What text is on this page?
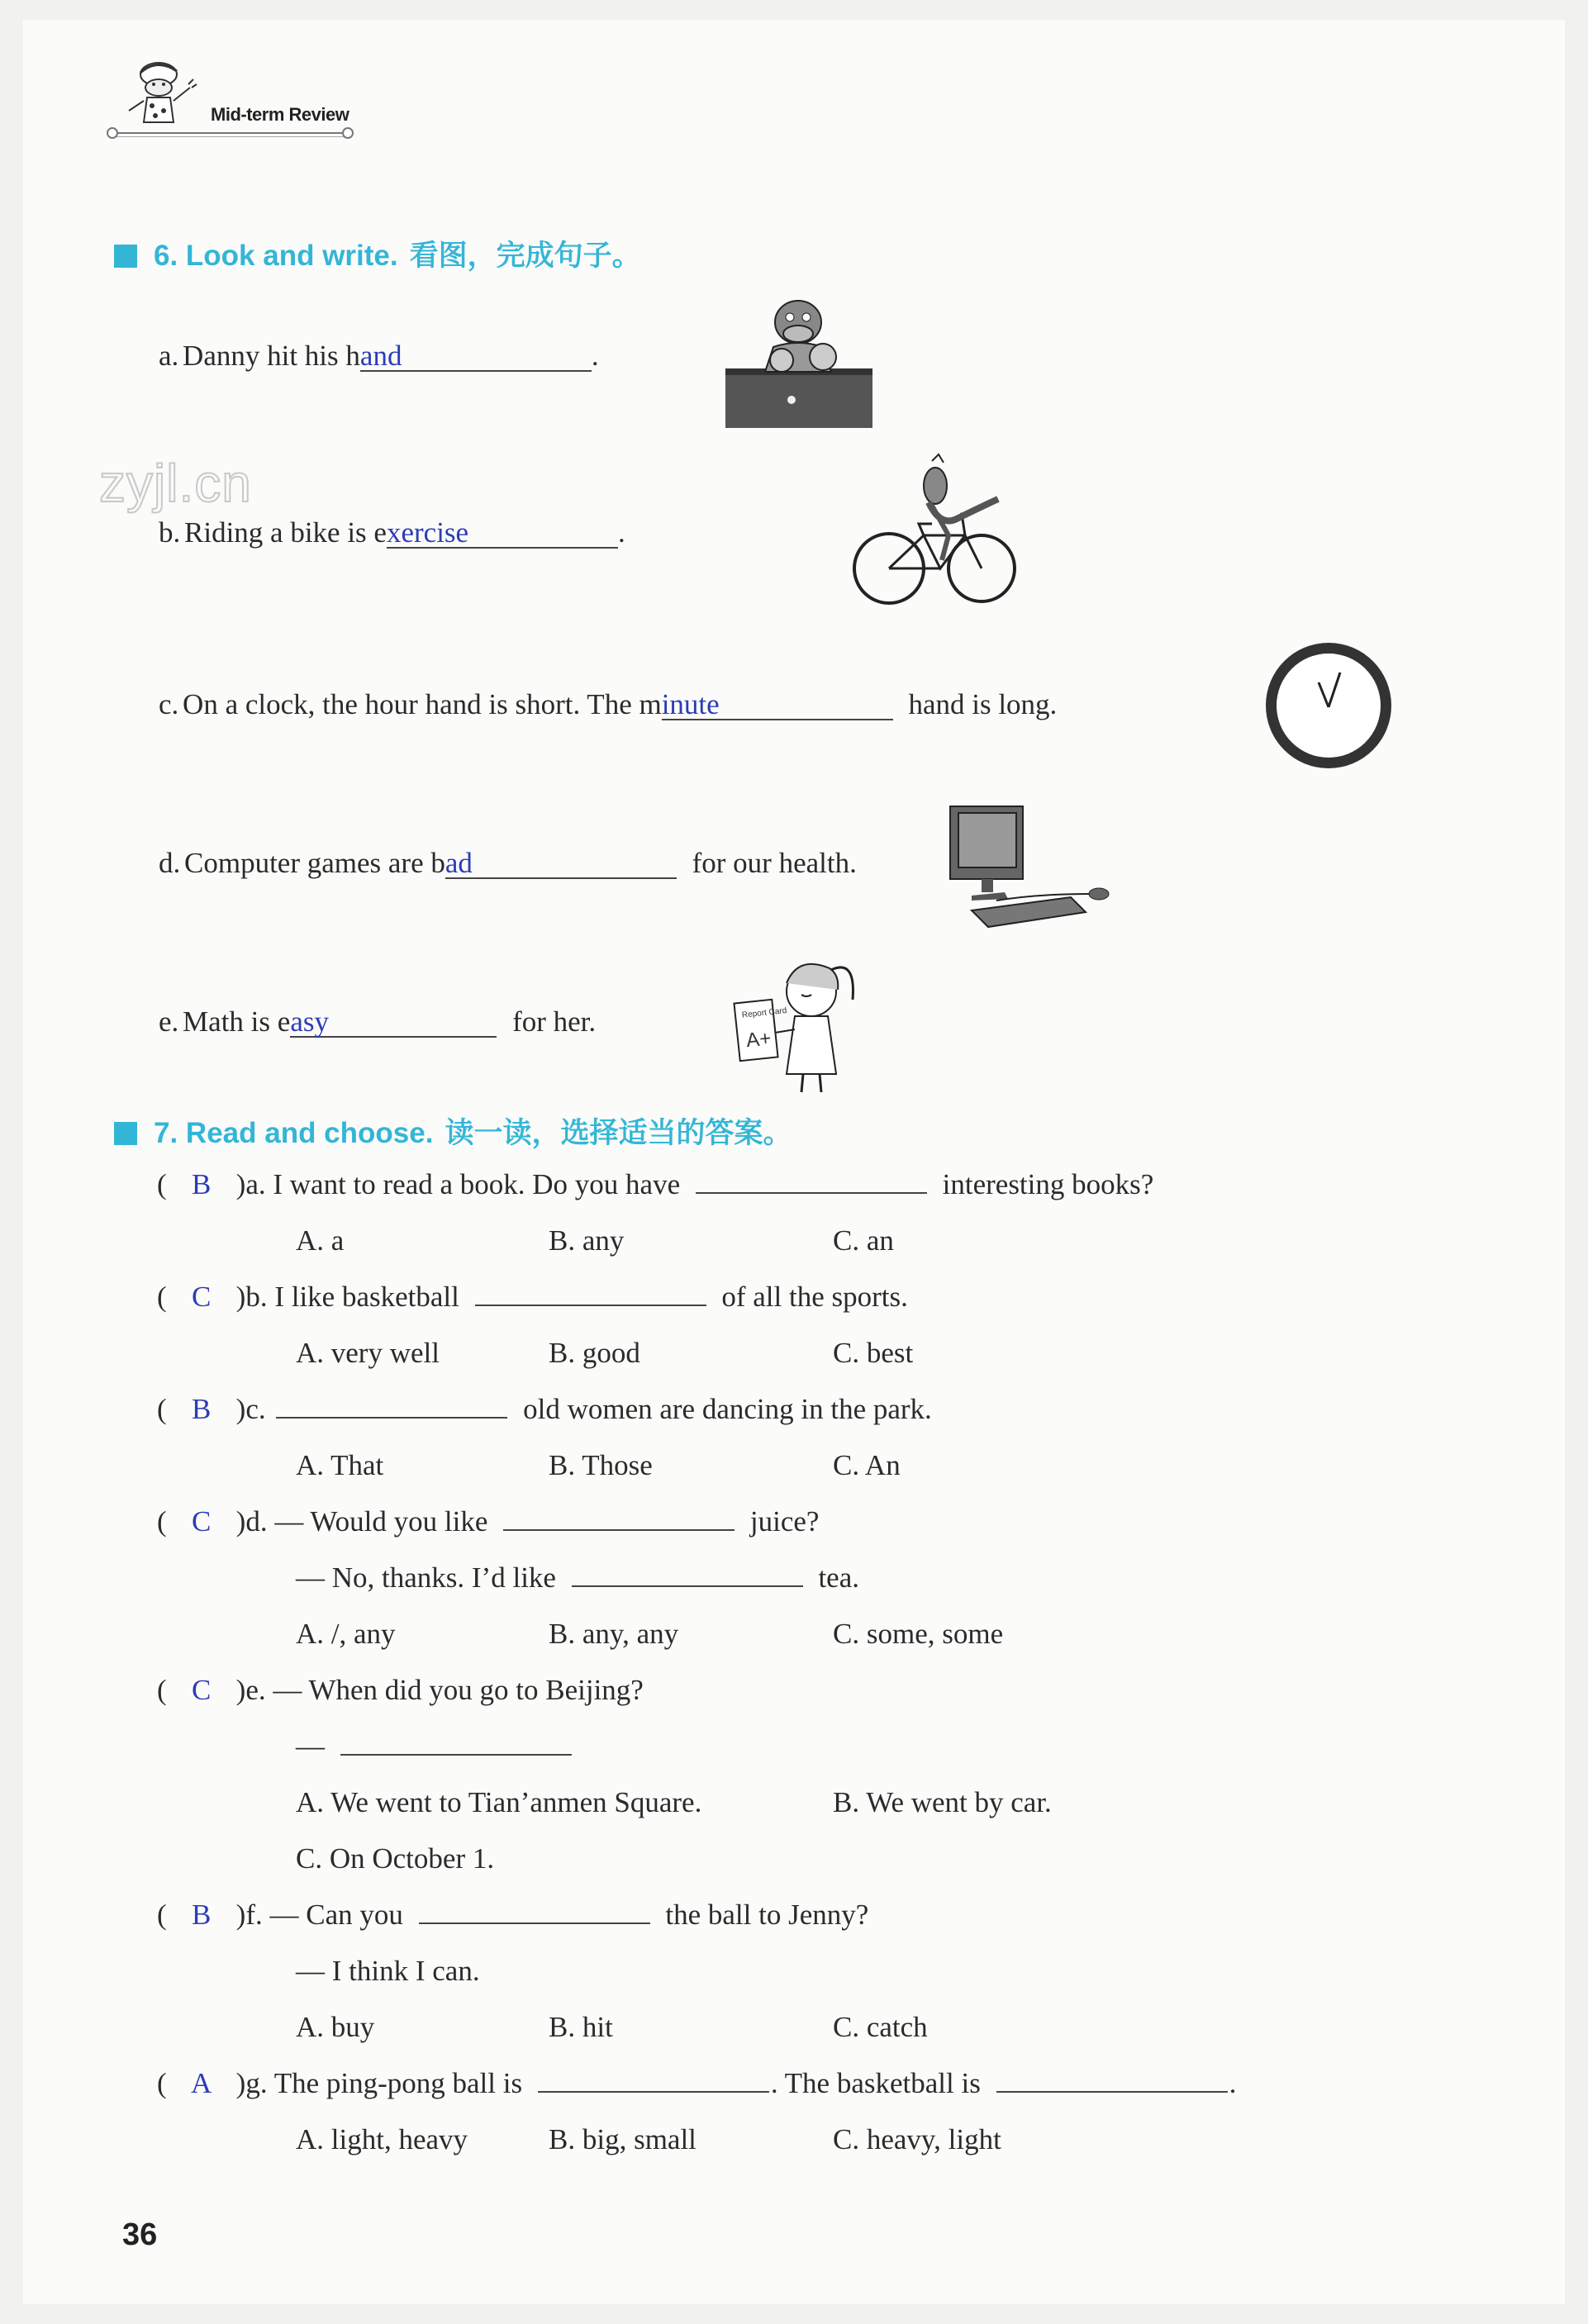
Mid-term Review
zyjl.cn
6. Look and write. 看图，完成句子。
a. Danny hit his hand	.
b. Riding a bike is exercise	.
c. On a clock, the hour hand is short. The minute	hand is long.
d. Computer games are bad	for our health.
e. Math is easy	for her.	Report Card
A+
7. Read and choose. 读一读，选择适当的答案。
( B )a. I want to read a book. Do you have	interesting books?
A. a	B. any	C. an
( C )b. I like basketball	of all the sports.
A. very well	B. good	C. best
( B )c.	old women are dancing in the park.
A. That	B. Those	C. An
( C )d. — Would you like	juice?
— No, thanks. I’d like	tea.
A. /, any	B. any, any	C. some, some
( C )e. — When did you go to Beijing?
—
A. We went to Tian’anmen Square.	B. We went by car.
C. On October 1.
( B )f. — Can you	the ball to Jenny?
— I think I can.
A. buy	B. hit	C. catch
( A )g. The ping-pong ball is	. The basketball is	.
A. light, heavy	B. big, small	C. heavy, light
36
